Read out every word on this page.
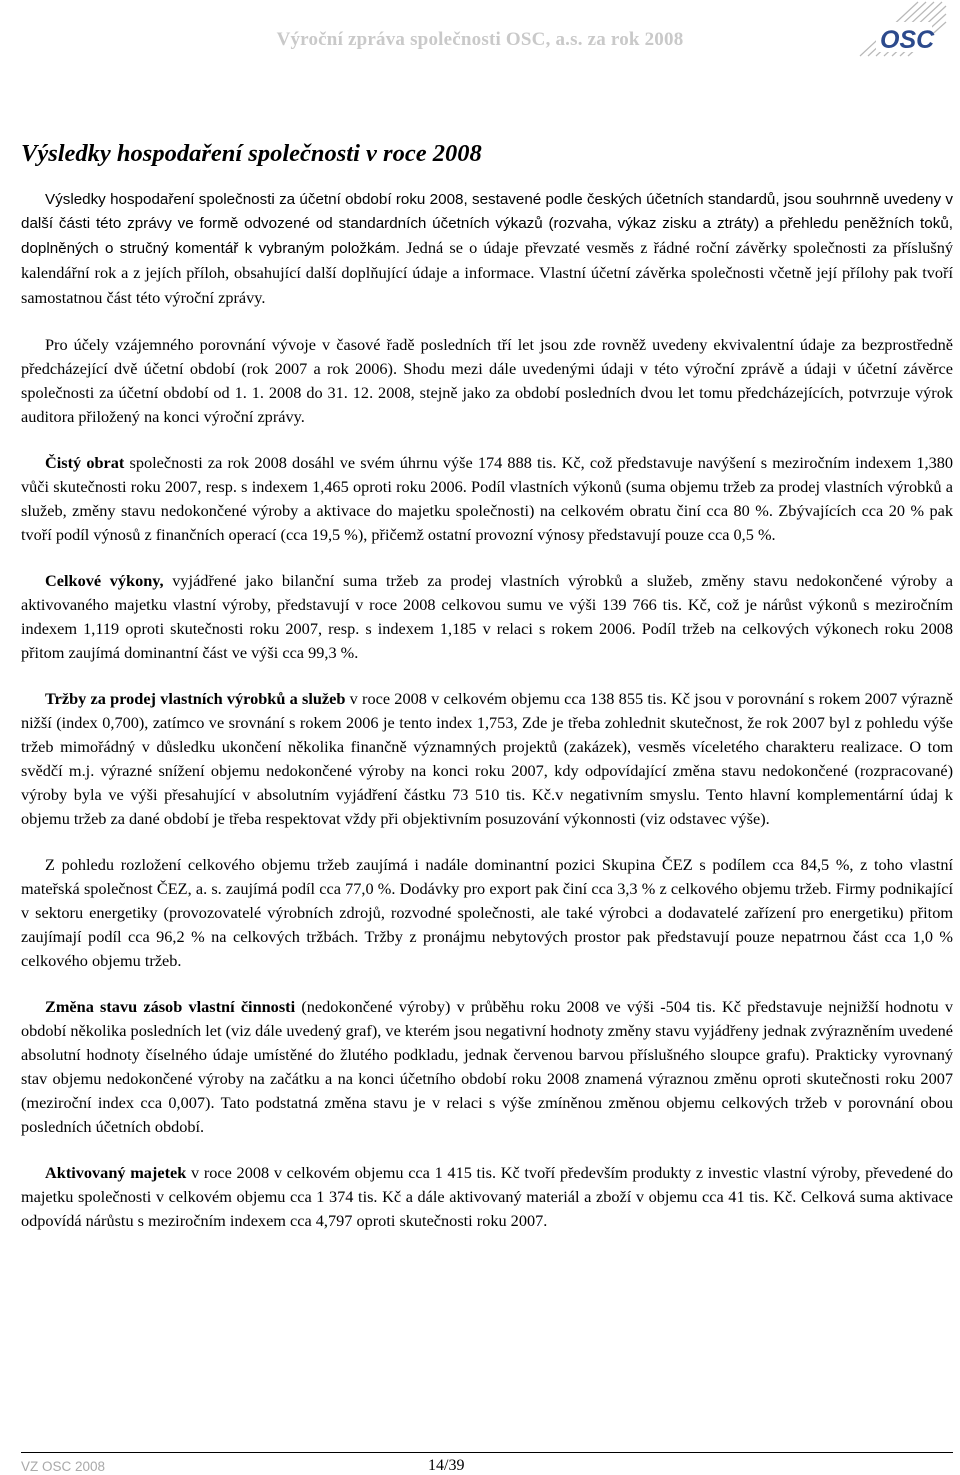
Výroční zpráva společnosti OSC, a.s. za rok 2008	OSC
Výsledky hospodaření společnosti v roce 2008

Výsledky hospodaření společnosti za účetní období roku 2008, sestavené podle českých účetních standardů, jsou souhrnně uvedeny v další části této zprávy ve formě odvozené od standardních účetních výkazů (rozvaha, výkaz zisku a ztráty) a přehledu peněžních toků, doplněných o stručný komentář k vybraným položkám. Jedná se o údaje převzaté vesměs z řádné roční závěrky společnosti za příslušný kalendářní rok a z jejích příloh, obsahující další doplňující údaje a informace. Vlastní účetní závěrka společnosti včetně její přílohy pak tvoří samostatnou část této výroční zprávy.

Pro účely vzájemného porovnání vývoje v časové řadě posledních tří let jsou zde rovněž uvedeny ekvivalentní údaje za bezprostředně předcházející dvě účetní období (rok 2007 a rok 2006). Shodu mezi dále uvedenými údaji v této výroční zprávě a údaji v účetní závěrce společnosti za účetní období od 1. 1. 2008 do 31. 12. 2008, stejně jako za období posledních dvou let tomu předcházejících, potvrzuje výrok auditora přiložený na konci výroční zprávy.

Čistý obrat společnosti za rok 2008 dosáhl ve svém úhrnu výše 174 888 tis. Kč, což představuje navýšení s meziročním indexem 1,380 vůči skutečnosti roku 2007, resp. s indexem 1,465 oproti roku 2006. Podíl vlastních výkonů (suma objemu tržeb za prodej vlastních výrobků a služeb, změny stavu nedokončené výroby a aktivace do majetku společnosti) na celkovém obratu činí cca 80 %. Zbývajících cca 20 % pak tvoří podíl výnosů z finančních operací (cca 19,5 %), přičemž ostatní provozní výnosy představují pouze cca 0,5 %.

Celkové výkony, vyjádřené jako bilanční suma tržeb za prodej vlastních výrobků a služeb, změny stavu nedokončené výroby a aktivovaného majetku vlastní výroby, představují v roce 2008 celkovou sumu ve výši 139 766 tis. Kč, což je nárůst výkonů s meziročním indexem 1,119 oproti skutečnosti roku 2007, resp. s indexem 1,185 v relaci s rokem 2006. Podíl tržeb na celkových výkonech roku 2008 přitom zaujímá dominantní část ve výši cca 99,3 %.

Tržby za prodej vlastních výrobků a služeb v roce 2008 v celkovém objemu cca 138 855 tis. Kč jsou v porovnání s rokem 2007 výrazně nižší (index 0,700), zatímco ve srovnání s rokem 2006 je tento index 1,753, Zde je třeba zohlednit skutečnost, že rok 2007 byl z pohledu výše tržeb mimořádný v důsledku ukončení několika finančně významných projektů (zakázek), vesměs víceletého charakteru realizace. O tom svědčí m.j. výrazné snížení objemu nedokončené výroby na konci roku 2007, kdy odpovídající změna stavu nedokončené (rozpracované) výroby byla ve výši přesahující v absolutním vyjádření částku 73 510 tis. Kč.v negativním smyslu. Tento hlavní komplementární údaj k objemu tržeb za dané období je třeba respektovat vždy při objektivním posuzování výkonnosti (viz odstavec výše).

Z pohledu rozložení celkového objemu tržeb zaujímá i nadále dominantní pozici Skupina ČEZ s podílem cca 84,5 %, z toho vlastní mateřská společnost ČEZ, a. s. zaujímá podíl cca 77,0 %. Dodávky pro export pak činí cca 3,3 % z celkového objemu tržeb. Firmy podnikající v sektoru energetiky (provozovatelé výrobních zdrojů, rozvodné společnosti, ale také výrobci a dodavatelé zařízení pro energetiku) přitom zaujímají podíl cca 96,2 % na celkových tržbách. Tržby z pronájmu nebytových prostor pak představují pouze nepatrnou část cca 1,0 % celkového objemu tržeb.

Změna stavu zásob vlastní činnosti (nedokončené výroby) v průběhu roku 2008 ve výši -504 tis. Kč představuje nejnižší hodnotu v období několika posledních let (viz dále uvedený graf), ve kterém jsou negativní hodnoty změny stavu vyjádřeny jednak zvýrazněním uvedené absolutní hodnoty číselného údaje umístěné do žlutého podkladu, jednak červenou barvou příslušného sloupce grafu). Prakticky vyrovnaný stav objemu nedokončené výroby na začátku a na konci účetního období roku 2008 znamená výraznou změnu oproti skutečnosti roku 2007 (meziroční index cca 0,007). Tato podstatná změna stavu je v relaci s výše zmíněnou změnou objemu celkových tržeb v porovnání obou posledních účetních období.

Aktivovaný majetek v roce 2008 v celkovém objemu cca 1 415 tis. Kč tvoří především produkty z investic vlastní výroby, převedené do majetku společnosti v celkovém objemu cca 1 374 tis. Kč a dále aktivovaný materiál a zboží v objemu cca 41 tis. Kč. Celková suma aktivace odpovídá nárůstu s meziročním indexem cca 4,797 oproti skutečnosti roku 2007.

VZ OSC 2008	14/39
